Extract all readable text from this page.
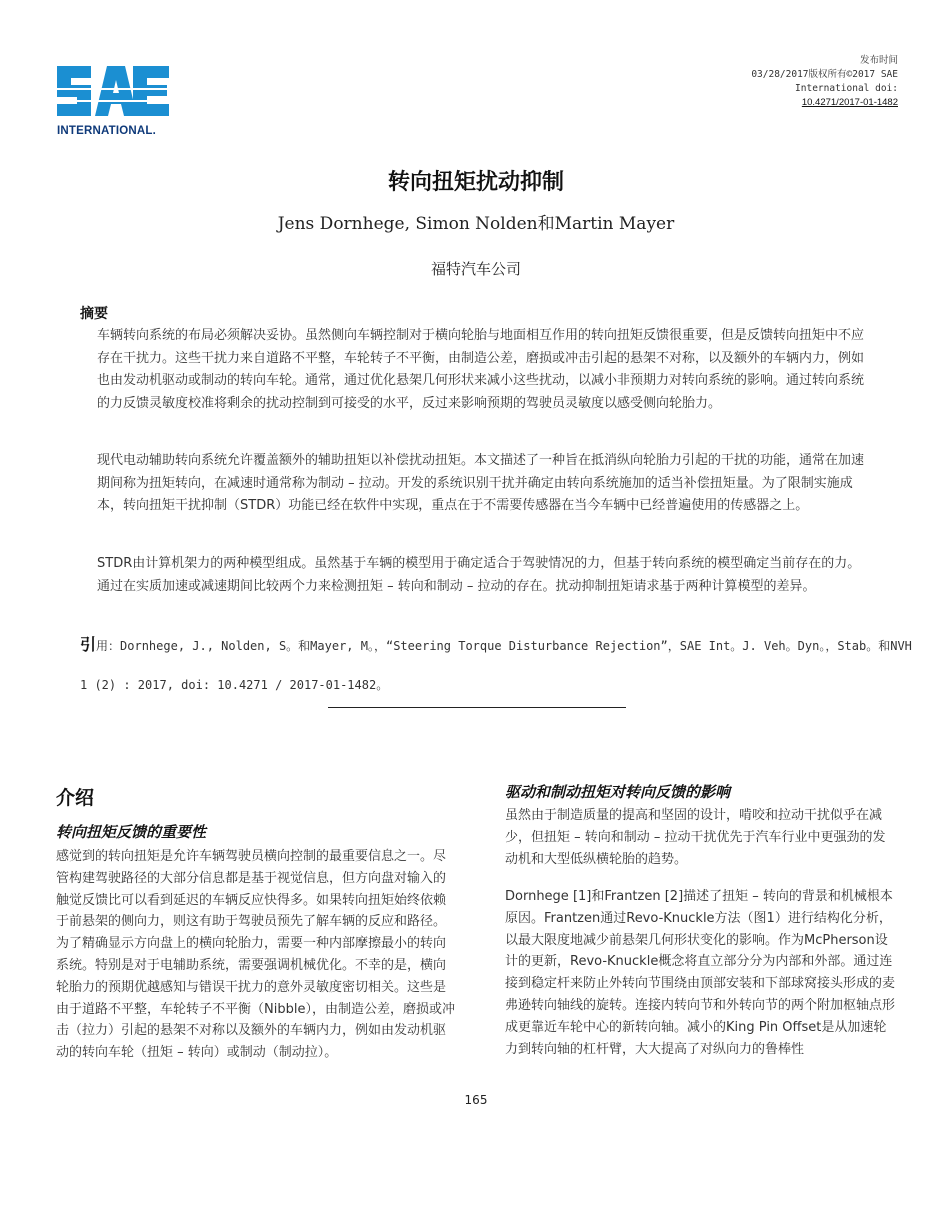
INTERNATIONAL.
发布时间
03/28/2017版权所有©2017 SAE
International doi:
10.4271/2017-01-1482
转向扭矩扰动抑制
Jens Dornhege, Simon Nolden和Martin Mayer
福特汽车公司
摘要

车辆转向系统的布局必须解决妥协。虽然侧向车辆控制对于横向轮胎与地面相互作用的转向扭矩反馈很重要，但是反馈转向扭矩中不应存在干扰力。这些干扰力来自道路不平整，车轮转子不平衡，由制造公差，磨损或冲击引起的悬架不对称，以及额外的车辆内力，例如也由发动机驱动或制动的转向车轮。通常，通过优化悬架几何形状来减小这些扰动，以减小非预期力对转向系统的影响。通过转向系统的力反馈灵敏度校准将剩余的扰动控制到可接受的水平，反过来影响预期的驾驶员灵敏度以感受侧向轮胎力。

现代电动辅助转向系统允许覆盖额外的辅助扭矩以补偿扰动扭矩。本文描述了一种旨在抵消纵向轮胎力引起的干扰的功能，通常在加速期间称为扭矩转向，在减速时通常称为制动 – 拉动。开发的系统识别干扰并确定由转向系统施加的适当补偿扭矩量。为了限制实施成本，转向扭矩干扰抑制（STDR）功能已经在软件中实现，重点在于不需要传感器在当今车辆中已经普遍使用的传感器之上。

STDR由计算机架力的两种模型组成。虽然基于车辆的模型用于确定适合于驾驶情况的力，但基于转向系统的模型确定当前存在的力。通过在实质加速或减速期间比较两个力来检测扭矩 – 转向和制动 – 拉动的存在。扰动抑制扭矩请求基于两种计算模型的差异。

引用：Dornhege, J., Nolden, S。和Mayer, M。，“Steering Torque Disturbance Rejection”，SAE Int。J. Veh。Dyn。，Stab。和NVH
1 (2) : 2017, doi: 10.4271 / 2017-01-1482。
介绍
转向扭矩反馈的重要性

感觉到的转向扭矩是允许车辆驾驶员横向控制的最重要信息之一。尽管构建驾驶路径的大部分信息都是基于视觉信息，但方向盘对输入的触觉反馈比可以看到延迟的车辆反应快得多。如果转向扭矩始终依赖于前悬架的侧向力，则这有助于驾驶员预先了解车辆的反应和路径。为了精确显示方向盘上的横向轮胎力，需要一种内部摩擦最小的转向系统。特别是对于电辅助系统，需要强调机械优化。不幸的是，横向轮胎力的预期优越感知与错误干扰力的意外灵敏度密切相关。这些是由于道路不平整，车轮转子不平衡（Nibble），由制造公差，磨损或冲击（拉力）引起的悬架不对称以及额外的车辆内力，例如由发动机驱动的转向车轮（扭矩 – 转向）或制动（制动拉）。

驱动和制动扭矩对转向反馈的影响

虽然由于制造质量的提高和坚固的设计，啃咬和拉动干扰似乎在减少，但扭矩 – 转向和制动 – 拉动干扰优先于汽车行业中更强劲的发动机和大型低纵横轮胎的趋势。

Dornhege [1]和Frantzen [2]描述了扭矩 – 转向的背景和机械根本原因。Frantzen通过Revo-Knuckle方法（图1）进行结构化分析，以最大限度地减少前悬架几何形状变化的影响。作为McPherson设计的更新，Revo-Knuckle概念将直立部分分为内部和外部。通过连接到稳定杆来防止外转向节围绕由顶部安装和下部球窝接头形成的麦弗逊转向轴线的旋转。连接内转向节和外转向节的两个附加枢轴点形成更靠近车轮中心的新转向轴。减小的King Pin Offset是从加速轮力到转向轴的杠杆臂，大大提高了对纵向力的鲁棒性

165
